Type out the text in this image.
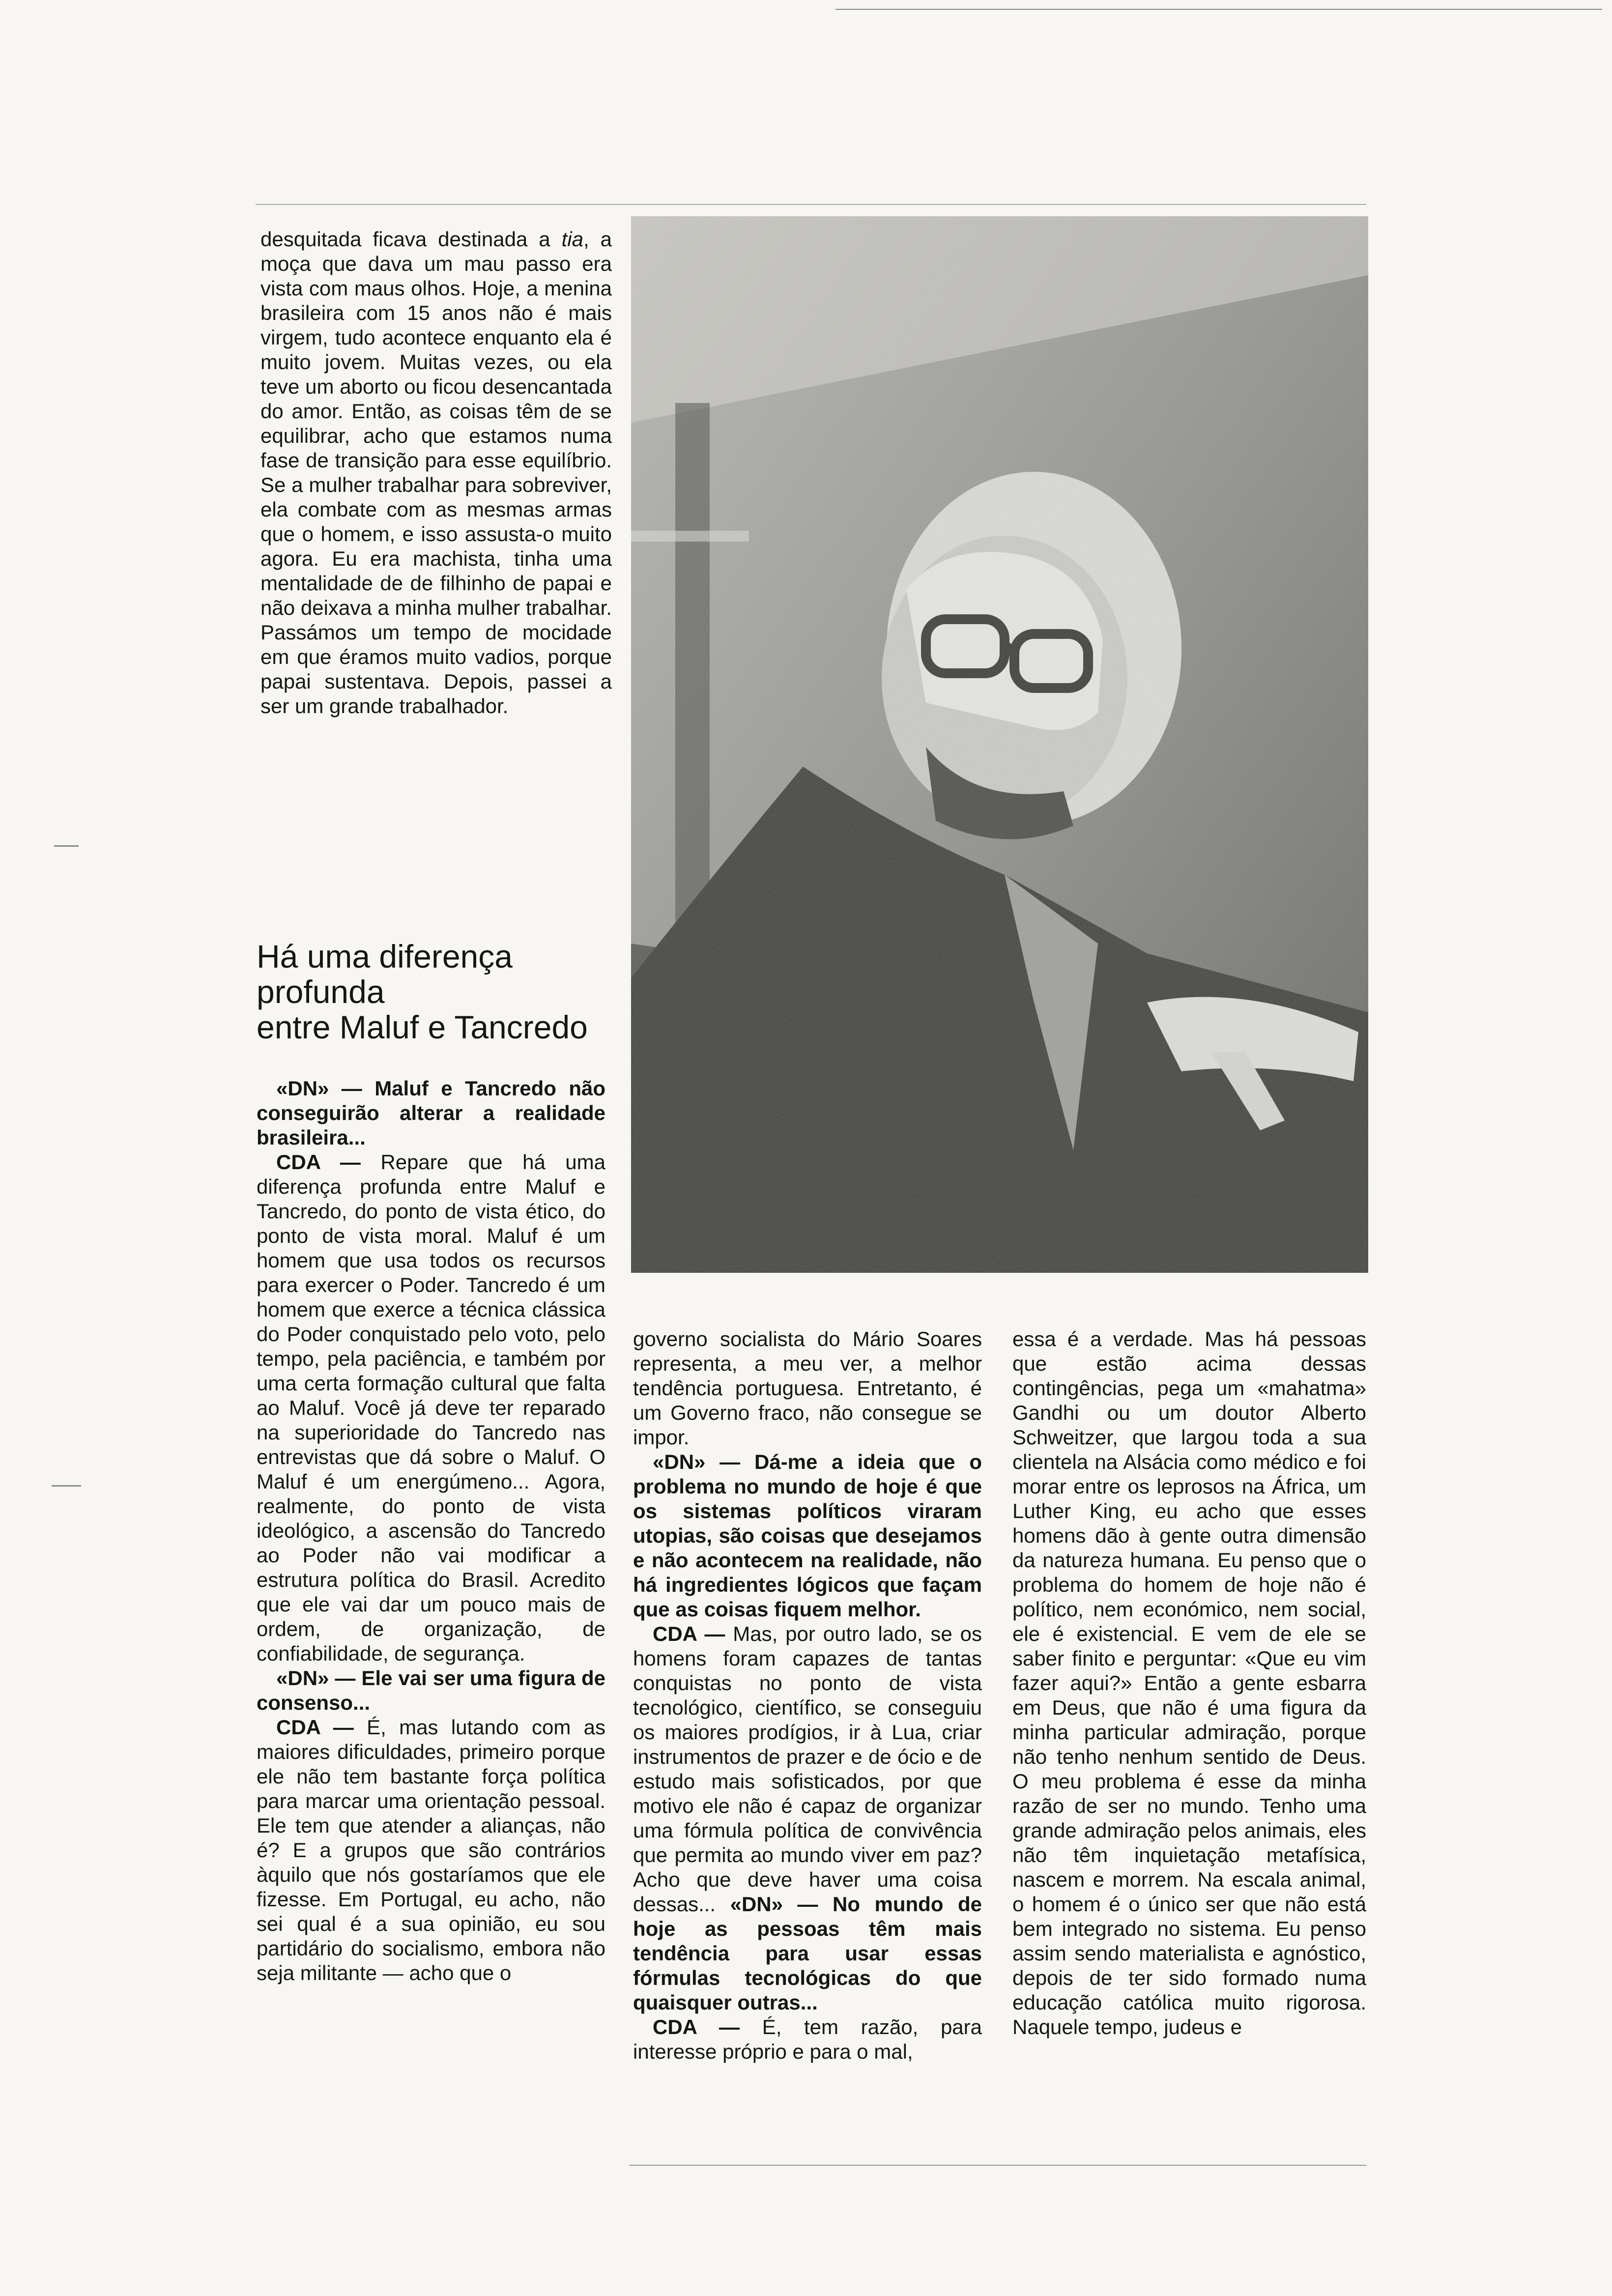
desquitada ficava destinada a tia, a moça que dava um mau passo era vista com maus olhos. Hoje, a menina brasileira com 15 anos não é mais virgem, tudo acontece enquanto ela é muito jovem. Muitas vezes, ou ela teve um aborto ou ficou desencantada do amor. Então, as coisas têm de se equilibrar, acho que estamos numa fase de transição para esse equilíbrio. Se a mulher trabalhar para sobreviver, ela combate com as mesmas armas que o homem, e isso assusta-o muito agora. Eu era machista, tinha uma mentalidade de de filhinho de papai e não deixava a minha mulher trabalhar. Passámos um tempo de mocidade em que éramos muito vadios, porque papai sustentava. Depois, passei a ser um grande trabalhador.

Há uma diferença
profunda
entre Maluf e Tancredo

«DN» — Maluf e Tancredo não conseguirão alterar a realidade brasileira...

CDA — Repare que há uma diferença profunda entre Maluf e Tancredo, do ponto de vista ético, do ponto de vista moral. Maluf é um homem que usa todos os recursos para exercer o Poder. Tancredo é um homem que exerce a técnica clássica do Poder conquistado pelo voto, pelo tempo, pela paciência, e também por uma certa formação cultural que falta ao Maluf. Você já deve ter reparado na superioridade do Tancredo nas entrevistas que dá sobre o Maluf. O Maluf é um energúmeno... Agora, realmente, do ponto de vista ideológico, a ascensão do Tancredo ao Poder não vai modificar a estrutura política do Brasil. Acredito que ele vai dar um pouco mais de ordem, de organização, de confiabilidade, de segurança.

«DN» — Ele vai ser uma figura de consenso...

CDA — É, mas lutando com as maiores dificuldades, primeiro porque ele não tem bastante força política para marcar uma orientação pessoal. Ele tem que atender a alianças, não é? E a grupos que são contrários àquilo que nós gostaríamos que ele fizesse. Em Portugal, eu acho, não sei qual é a sua opinião, eu sou partidário do socialismo, embora não seja militante — acho que o

governo socialista do Mário Soares representa, a meu ver, a melhor tendência portuguesa. Entretanto, é um Governo fraco, não consegue se impor.

«DN» — Dá-me a ideia que o problema no mundo de hoje é que os sistemas políticos viraram utopias, são coisas que desejamos e não acontecem na realidade, não há ingredientes lógicos que façam que as coisas fiquem melhor.

CDA — Mas, por outro lado, se os homens foram capazes de tantas conquistas no ponto de vista tecnológico, científico, se conseguiu os maiores prodígios, ir à Lua, criar instrumentos de prazer e de ócio e de estudo mais sofisticados, por que motivo ele não é capaz de organizar uma fórmula política de convivência que permita ao mundo viver em paz? Acho que deve haver uma coisa dessas... «DN» — No mundo de hoje as pessoas têm mais tendência para usar essas fórmulas tecnológicas do que quaisquer outras...

CDA — É, tem razão, para interesse próprio e para o mal,

essa é a verdade. Mas há pessoas que estão acima dessas contingências, pega um «mahatma» Gandhi ou um doutor Alberto Schweitzer, que largou toda a sua clientela na Alsácia como médico e foi morar entre os leprosos na África, um Luther King, eu acho que esses homens dão à gente outra dimensão da natureza humana. Eu penso que o problema do homem de hoje não é político, nem económico, nem social, ele é existencial. E vem de ele se saber finito e perguntar: «Que eu vim fazer aqui?» Então a gente esbarra em Deus, que não é uma figura da minha particular admiração, porque não tenho nenhum sentido de Deus. O meu problema é esse da minha razão de ser no mundo. Tenho uma grande admiração pelos animais, eles não têm inquietação metafísica, nascem e morrem. Na escala animal, o homem é o único ser que não está bem integrado no sistema. Eu penso assim sendo materialista e agnóstico, depois de ter sido formado numa educação católica muito rigorosa. Naquele tempo, judeus e
